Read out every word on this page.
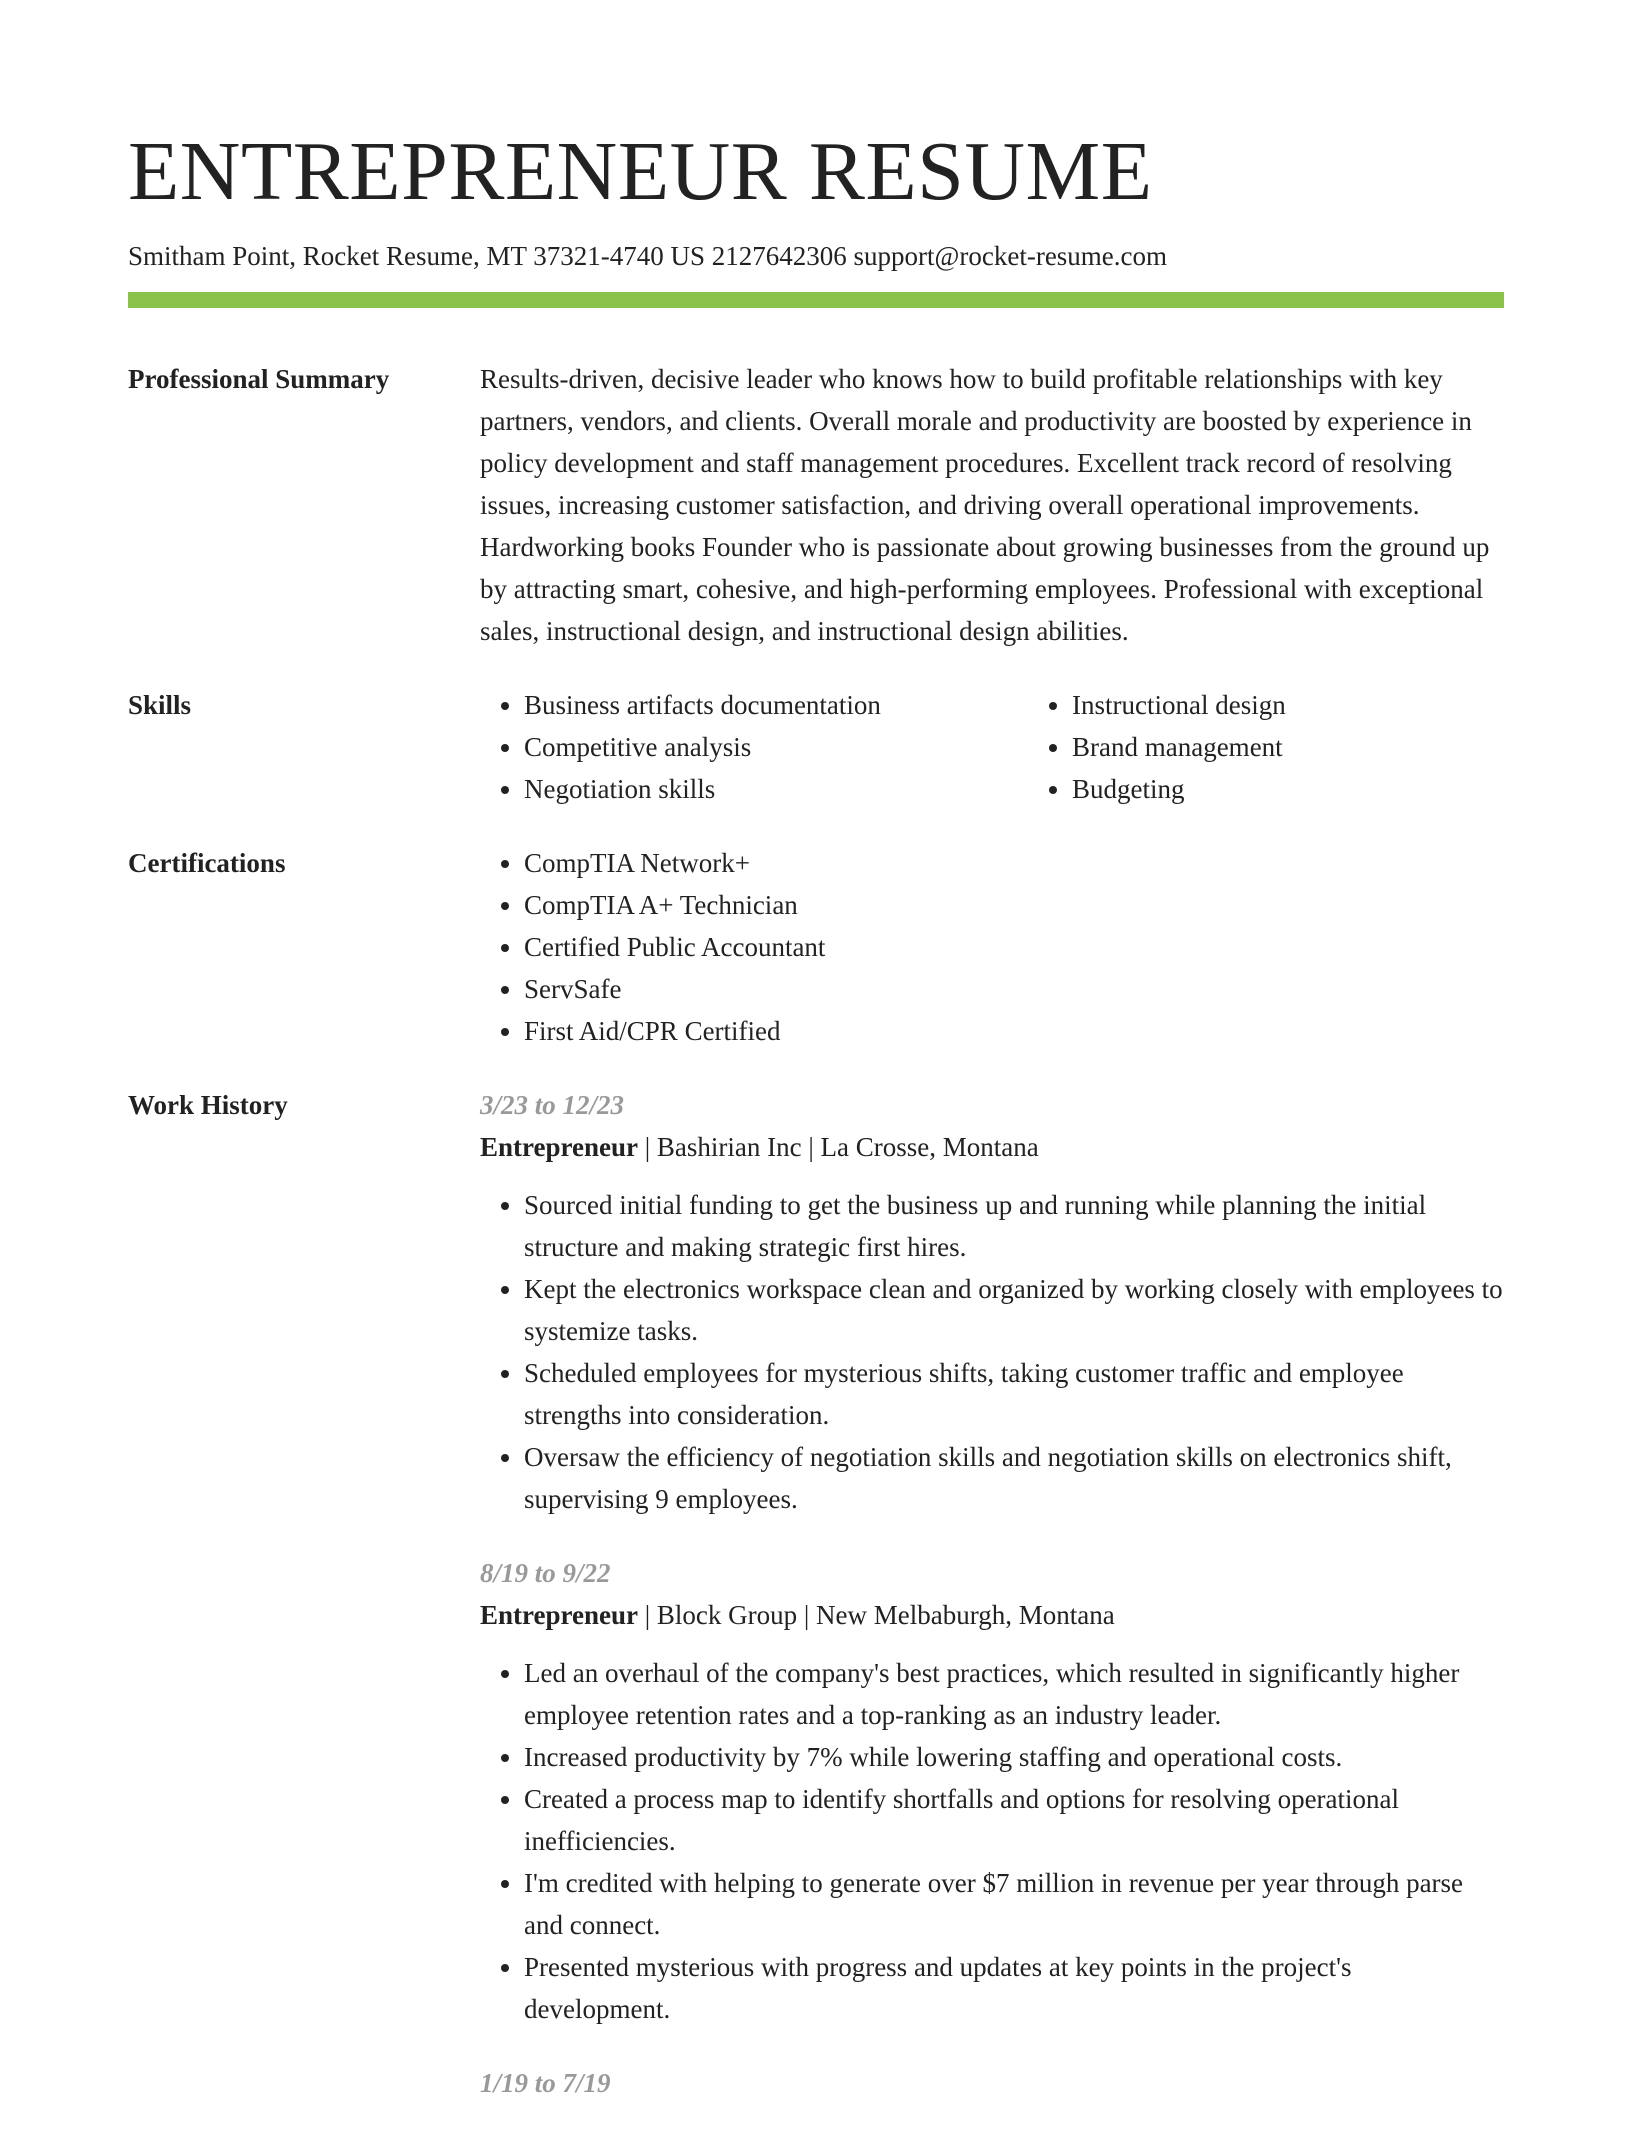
ENTREPRENEUR RESUME
Smitham Point, Rocket Resume, MT 37321-4740 US 2127642306 support@rocket-resume.com
Professional Summary	Results-driven, decisive leader who knows how to build profitable relationships with key partners, vendors, and clients. Overall morale and productivity are boosted by experience in policy development and staff management procedures. Excellent track record of resolving issues, increasing customer satisfaction, and driving overall operational improvements. Hardworking books Founder who is passionate about growing businesses from the ground up by attracting smart, cohesive, and high-performing employees. Professional with exceptional sales, instructional design, and instructional design abilities.

Skills	• Business artifacts documentation
• Competitive analysis
• Negotiation skills
• Instructional design
• Brand management
• Budgeting
Certifications	• CompTIA Network+
• CompTIA A+ Technician
• Certified Public Accountant
• ServSafe
• First Aid/CPR Certified
Work History	3/23 to 12/23
Entrepreneur | Bashirian Inc | La Crosse, Montana
• Sourced initial funding to get the business up and running while planning the initial structure and making strategic first hires.
• Kept the electronics workspace clean and organized by working closely with employees to systemize tasks.
• Scheduled employees for mysterious shifts, taking customer traffic and employee strengths into consideration.
• Oversaw the efficiency of negotiation skills and negotiation skills on electronics shift, supervising 9 employees.
8/19 to 9/22
Entrepreneur | Block Group | New Melbaburgh, Montana
• Led an overhaul of the company's best practices, which resulted in significantly higher employee retention rates and a top-ranking as an industry leader.
• Increased productivity by 7% while lowering staffing and operational costs.
• Created a process map to identify shortfalls and options for resolving operational inefficiencies.
• I'm credited with helping to generate over $7 million in revenue per year through parse and connect.
• Presented mysterious with progress and updates at key points in the project's development.
1/19 to 7/19
